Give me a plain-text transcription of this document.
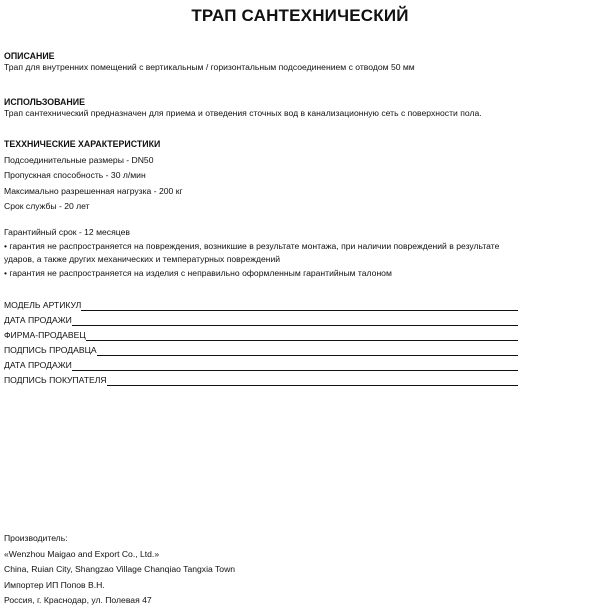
ТРАП САНТЕХНИЧЕСКИЙ
ОПИСАНИЕ
Трап для внутренних помещений с вертикальным / горизонтальным подсоединением с отводом 50 мм
ИСПОЛЬЗОВАНИЕ
Трап сантехнический предназначен для приема и отведения сточных вод в канализационную сеть с поверхности пола.
ТЕХХНИЧЕСКИЕ ХАРАКТЕРИСТИКИ
Подсоединительные размеры - DN50
Пропускная способность - 30 л/мин
Максимально разрешенная нагрузка - 200 кг
Срок службы - 20 лет
Гарантийный срок - 12 месяцев
• гарантия не распространяется на повреждения, возникшие в результате монтажа, при наличии повреждений в результате
ударов, а также других механических и температурных повреждений
• гарантия не распространяется на изделия с неправильно оформленным гарантийным талоном
МОДЕЛЬ АРТИКУЛ
ДАТА ПРОДАЖИ
ФИРМА-ПРОДАВЕЦ
ПОДПИСЬ ПРОДАВЦА
ДАТА ПРОДАЖИ
ПОДПИСЬ ПОКУПАТЕЛЯ
Производитель:
«Wenzhou Maigao and Export Co., Ltd.»
China, Ruian City, Shangzao Village Chanqiao Tangxia Town
Импортер ИП Попов В.Н.
Россия, г. Краснодар, ул. Полевая 47
